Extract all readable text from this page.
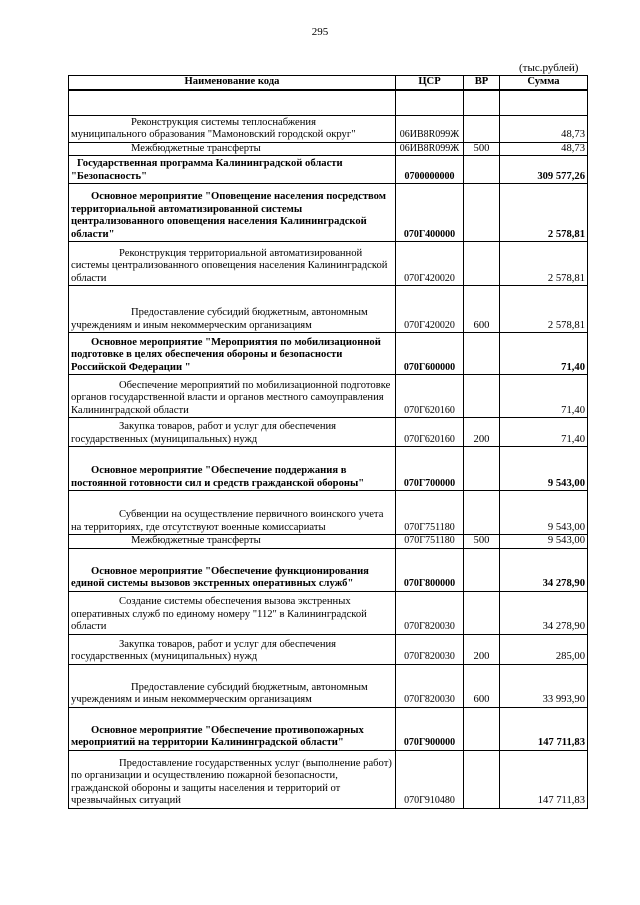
295
(тыс.рублей)
Наименование кода	ЦСР	ВР	Сумма

Реконструкция системы теплоснабжения муниципального образования "Мамоновский городской округ"	06ИВ8R099Ж		48,73
Межбюджетные трансферты	06ИВ8R099Ж	500	48,73
Государственная программа Калининградской области "Безопасность"	0700000000		309 577,26
Основное мероприятие "Оповещение населения посредством территориальной автоматизированной системы централизованного оповещения населения Калининградской области"	070Г400000		2 578,81
Реконструкция территориальной автоматизированной системы централизованного оповещения населения Калининградской области	070Г420020		2 578,81
Предоставление субсидий бюджетным, автономным учреждениям и иным некоммерческим организациям	070Г420020	600	2 578,81
Основное мероприятие "Мероприятия по мобилизационной подготовке в целях обеспечения обороны и безопасности Российской Федерации "	070Г600000		71,40
Обеспечение мероприятий по мобилизационной подготовке органов государственной власти и органов местного самоуправления Калининградской области	070Г620160		71,40
Закупка товаров, работ и услуг для обеспечения государственных (муниципальных) нужд	070Г620160	200	71,40
Основное мероприятие "Обеспечение поддержания в постоянной готовности сил и средств гражданской обороны"	070Г700000		9 543,00
Субвенции на осуществление первичного воинского учета на территориях, где отсутствуют военные комиссариаты	070Г751180		9 543,00
Межбюджетные трансферты	070Г751180	500	9 543,00
Основное мероприятие "Обеспечение функционирования единой системы вызовов экстренных оперативных служб"	070Г800000		34 278,90
Создание системы обеспечения вызова экстренных оперативных служб по единому номеру "112" в Калининградской области	070Г820030		34 278,90
Закупка товаров, работ и услуг для обеспечения государственных (муниципальных) нужд	070Г820030	200	285,00
Предоставление субсидий бюджетным, автономным учреждениям и иным некоммерческим организациям	070Г820030	600	33 993,90
Основное мероприятие "Обеспечение противопожарных мероприятий на территории Калининградской области"	070Г900000		147 711,83
Предоставление государственных услуг (выполнение работ) по организации и осуществлению пожарной безопасности, гражданской обороны и защиты населения и территорий от чрезвычайных ситуаций	070Г910480		147 711,83
